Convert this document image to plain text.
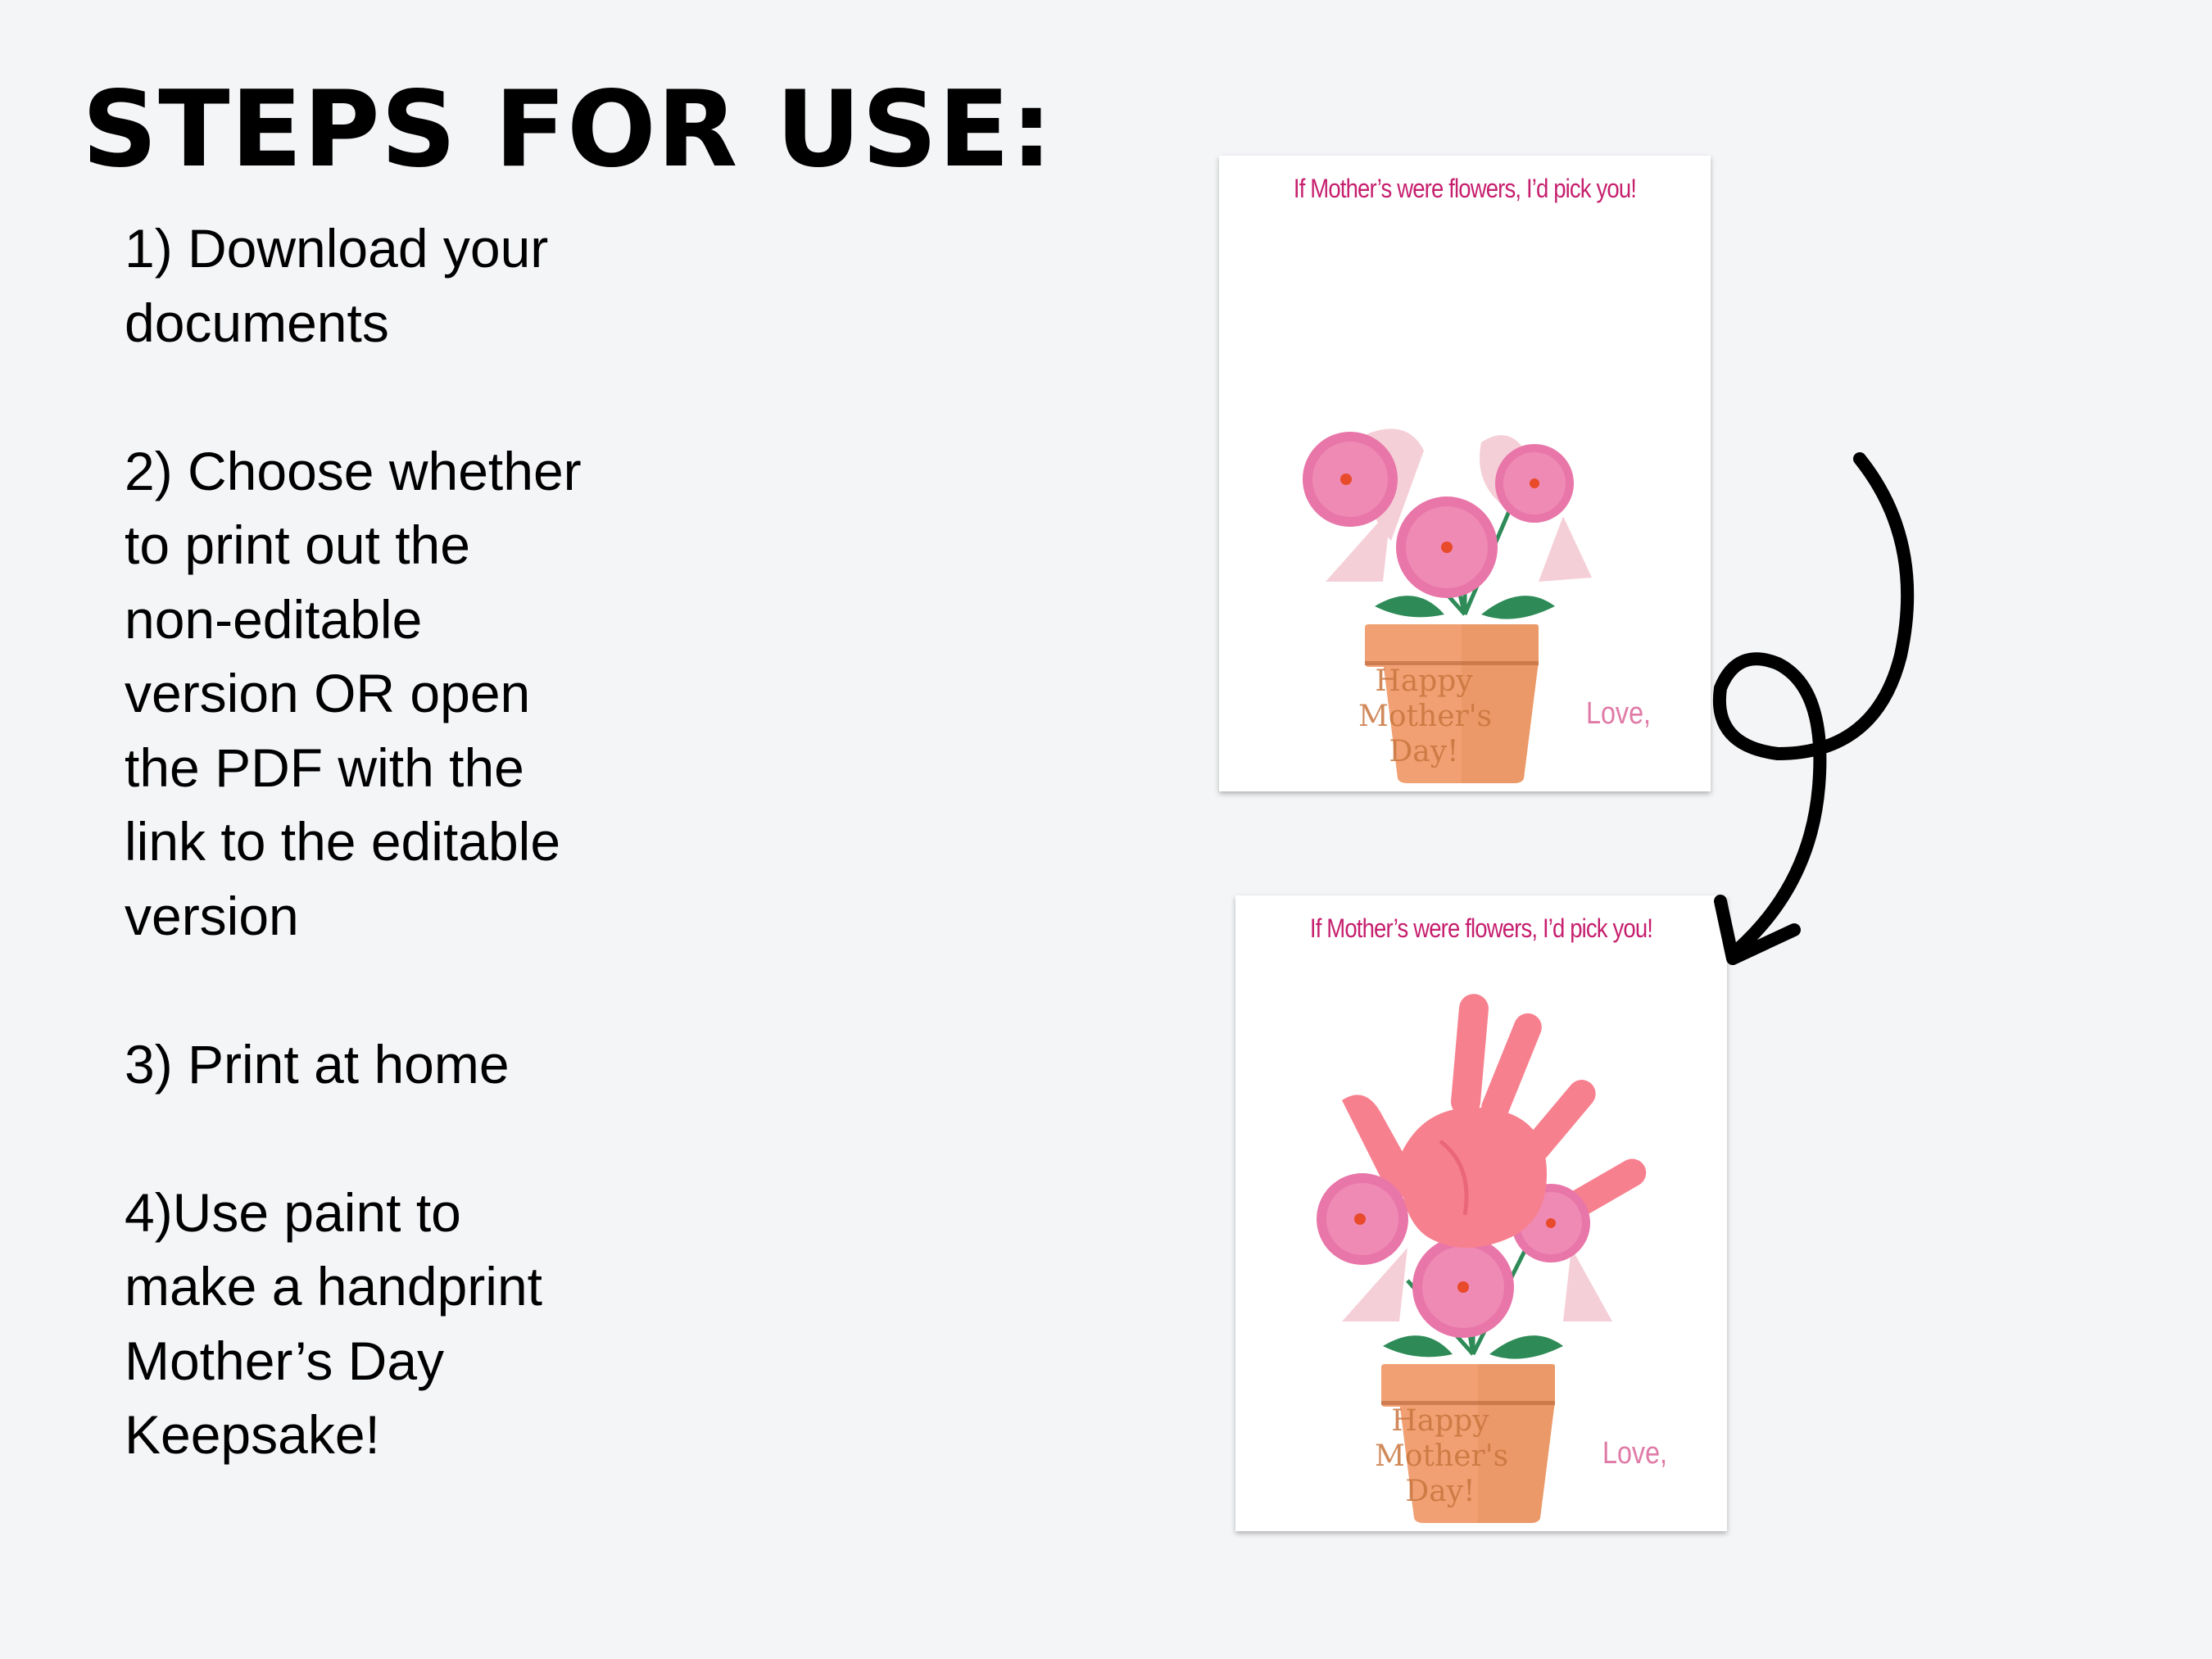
STEPS FOR USE:

1) Download your
documents

2) Choose whether
to print out the
non-editable
version OR open
the PDF with the
link to the editable
version

3) Print at home

4)Use paint to
make a handprint
Mother’s Day
Keepsake!

If Mother’s were flowers, I’d pick you!
Happy
Mother's
Day!
Love,
If Mother’s were flowers, I’d pick you!
Happy
Mother's
Day!
Love,
